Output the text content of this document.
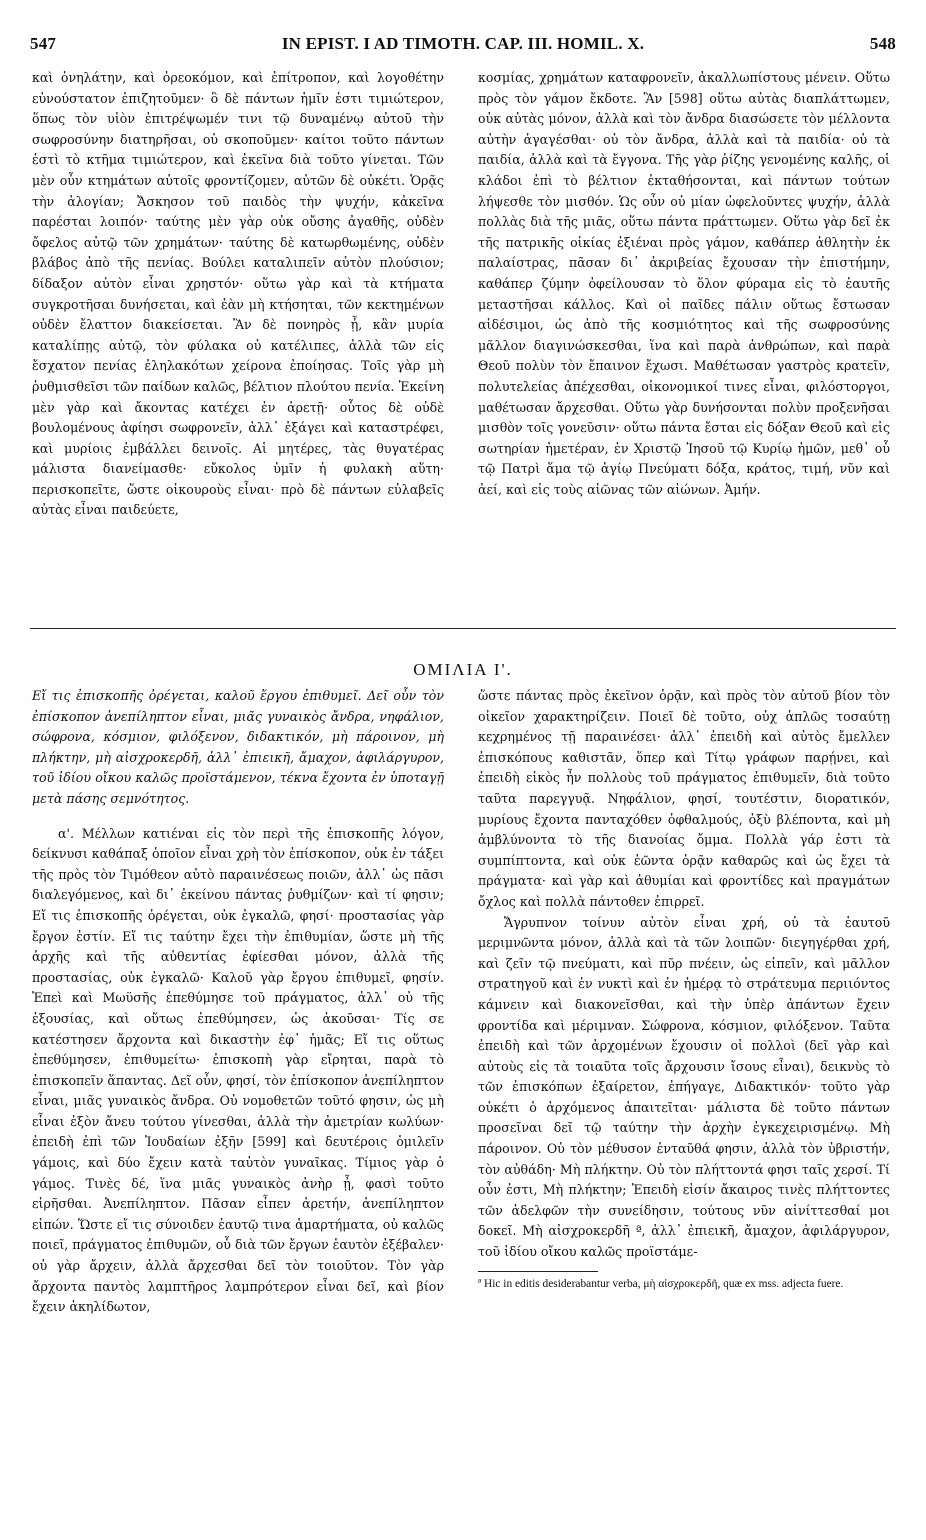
547	IN EPIST. I AD TIMOTH. CAP. III. HOMIL. X.	548

καὶ ὀνηλάτην, καὶ ὀρεοκόμον, καὶ ἐπίτροπον, καὶ λογοθέτην εὐνούστατον ἐπιζητοῦμεν· ὃ δὲ πάντων ἡμῖν ἐστι τιμιώτερον, ὅπως τὸν υἱὸν ἐπιτρέψωμέν τινι τῷ δυναμένῳ αὐτοῦ τὴν σωφροσύνην διατηρῆσαι, οὐ σκοποῦμεν· καίτοι τοῦτο πάντων ἐστὶ τὸ κτῆμα τιμιώτερον, καὶ ἐκεῖνα διὰ τοῦτο γίνεται. Τῶν μὲν οὖν κτημάτων αὐτοῖς φροντίζομεν, αὐτῶν δὲ οὐκέτι. Ὁρᾷς τὴν ἀλογίαν; Ἄσκησον τοῦ παιδὸς τὴν ψυχήν, κἀκεῖνα παρέσται λοιπόν· ταύτης μὲν γὰρ οὐκ οὔσης ἀγαθῆς, οὐδὲν ὄφελος αὐτῷ τῶν χρημάτων· ταύτης δὲ κατωρθωμένης, οὐδὲν βλάβος ἀπὸ τῆς πενίας. Βούλει καταλιπεῖν αὐτὸν πλούσιον; δίδαξον αὐτὸν εἶναι χρηστόν· οὕτω γὰρ καὶ τὰ κτήματα συγκροτῆσαι δυνήσεται, καὶ ἐὰν μὴ κτήσηται, τῶν κεκτημένων οὐδὲν ἔλαττον διακείσεται. Ἂν δὲ πονηρὸς ᾖ, κἂν μυρία καταλίπῃς αὐτῷ, τὸν φύλακα οὐ κατέλιπες, ἀλλὰ τῶν εἰς ἔσχατον πενίας ἐληλακότων χείρονα ἐποίησας. Τοῖς γὰρ μὴ ῥυθμισθεῖσι τῶν παίδων καλῶς, βέλτιον πλούτου πενία. Ἐκείνη μὲν γὰρ καὶ ἄκοντας κατέχει ἐν ἀρετῇ· οὗτος δὲ οὐδὲ βουλομένους ἀφίησι σωφρονεῖν, ἀλλ᾽ ἐξάγει καὶ καταστρέφει, καὶ μυρίοις ἐμβάλλει δεινοῖς. Αἱ μητέρες, τὰς θυγατέρας μάλιστα διανείμασθε· εὔκολος ὑμῖν ἡ φυλακὴ αὕτη· περισκοπεῖτε, ὥστε οἰκουροὺς εἶναι· πρὸ δὲ πάντων εὐλαβεῖς αὐτὰς εἶναι παιδεύετε,

κοσμίας, χρημάτων καταφρονεῖν, ἀκαλλωπίστους μένειν. Οὕτω πρὸς τὸν γάμον ἔκδοτε. Ἂν [598] οὕτω αὐτὰς διαπλάττωμεν, οὐκ αὐτὰς μόνον, ἀλλὰ καὶ τὸν ἄνδρα διασώσετε τὸν μέλλοντα αὐτὴν ἀγαγέσθαι· οὐ τὸν ἄνδρα, ἀλλὰ καὶ τὰ παιδία· οὐ τὰ παιδία, ἀλλὰ καὶ τὰ ἔγγονα. Τῆς γὰρ ῥίζης γενομένης καλῆς, οἱ κλάδοι ἐπὶ τὸ βέλτιον ἐκταθήσονται, καὶ πάντων τούτων λήψεσθε τὸν μισθόν. Ὡς οὖν οὐ μίαν ὠφελοῦντες ψυχήν, ἀλλὰ πολλὰς διὰ τῆς μιᾶς, οὕτω πάντα πράττωμεν. Οὕτω γὰρ δεῖ ἐκ τῆς πατρικῆς οἰκίας ἐξιέναι πρὸς γάμον, καθάπερ ἀθλητὴν ἐκ παλαίστρας, πᾶσαν δι᾽ ἀκριβείας ἔχουσαν τὴν ἐπιστήμην, καθάπερ ζύμην ὀφείλουσαν τὸ ὅλον φύραμα εἰς τὸ ἑαυτῆς μεταστῆσαι κάλλος. Καὶ οἱ παῖδες πάλιν οὕτως ἔστωσαν αἰδέσιμοι, ὡς ἀπὸ τῆς κοσμιότητος καὶ τῆς σωφροσύνης μᾶλλον διαγινώσκεσθαι, ἵνα καὶ παρὰ ἀνθρώπων, καὶ παρὰ Θεοῦ πολὺν τὸν ἔπαινον ἔχωσι. Μαθέτωσαν γαστρὸς κρατεῖν, πολυτελείας ἀπέχεσθαι, οἰκονομικοί τινες εἶναι, φιλόστοργοι, μαθέτωσαν ἄρχεσθαι. Οὕτω γὰρ δυνήσονται πολὺν προξενῆσαι μισθὸν τοῖς γονεῦσιν· οὕτω πάντα ἔσται εἰς δόξαν Θεοῦ καὶ εἰς σωτηρίαν ἡμετέραν, ἐν Χριστῷ Ἰησοῦ τῷ Κυρίῳ ἡμῶν, μεθ᾽ οὗ τῷ Πατρὶ ἅμα τῷ ἁγίῳ Πνεύματι δόξα, κράτος, τιμή, νῦν καὶ ἀεί, καὶ εἰς τοὺς αἰῶνας τῶν αἰώνων. Ἀμήν.

ΟΜΙΛΙΑ Ι'.

Εἴ τις ἐπισκοπῆς ὀρέγεται, καλοῦ ἔργου ἐπιθυμεῖ. Δεῖ οὖν τὸν ἐπίσκοπον ἀνεπίληπτον εἶναι, μιᾶς γυναικὸς ἄνδρα, νηφάλιον, σώφρονα, κόσμιον, φιλόξενον, διδακτικόν, μὴ πάροινον, μὴ πλήκτην, μὴ αἰσχροκερδῆ, ἀλλ᾽ ἐπιεικῆ, ἄμαχον, ἀφιλάργυρον, τοῦ ἰδίου οἴκου καλῶς προϊστάμενον, τέκνα ἔχοντα ἐν ὑποταγῇ μετὰ πάσης σεμνότητος.

α'. Μέλλων κατιέναι εἰς τὸν περὶ τῆς ἐπισκοπῆς λόγον, δείκνυσι καθάπαξ ὁποῖον εἶναι χρὴ τὸν ἐπίσκοπον, οὐκ ἐν τάξει τῆς πρὸς τὸν Τιμόθεον αὐτὸ παραινέσεως ποιῶν, ἀλλ᾽ ὡς πᾶσι διαλεγόμενος, καὶ δι᾽ ἐκείνου πάντας ῥυθμίζων· καὶ τί φησιν; Εἴ τις ἐπισκοπῆς ὀρέγεται, οὐκ ἐγκαλῶ, φησί· προστασίας γὰρ ἔργον ἐστίν. Εἴ τις ταύτην ἔχει τὴν ἐπιθυμίαν, ὥστε μὴ τῆς ἀρχῆς καὶ τῆς αὐθεντίας ἐφίεσθαι μόνον, ἀλλὰ τῆς προστασίας, οὐκ ἐγκαλῶ· Καλοῦ γὰρ ἔργου ἐπιθυμεῖ, φησίν. Ἐπεὶ καὶ Μωϋσῆς ἐπεθύμησε τοῦ πράγματος, ἀλλ᾽ οὐ τῆς ἐξουσίας, καὶ οὕτως ἐπεθύμησεν, ὡς ἀκοῦσαι· Τίς σε κατέστησεν ἄρχοντα καὶ δικαστὴν ἐφ᾽ ἡμᾶς; Εἴ τις οὕτως ἐπεθύμησεν, ἐπιθυμείτω· ἐπισκοπὴ γὰρ εἴρηται, παρὰ τὸ ἐπισκοπεῖν ἅπαντας. Δεῖ οὖν, φησί, τὸν ἐπίσκοπον ἀνεπίληπτον εἶναι, μιᾶς γυναικὸς ἄνδρα. Οὐ νομοθετῶν τοῦτό φησιν, ὡς μὴ εἶναι ἐξὸν ἄνευ τούτου γίνεσθαι, ἀλλὰ τὴν ἀμετρίαν κωλύων· ἐπειδὴ ἐπὶ τῶν Ἰουδαίων ἐξῆν [599] καὶ δευτέροις ὁμιλεῖν γάμοις, καὶ δύο ἔχειν κατὰ ταὐτὸν γυναῖκας. Τίμιος γὰρ ὁ γάμος. Τινὲς δέ, ἵνα μιᾶς γυναικὸς ἀνὴρ ᾖ, φασὶ τοῦτο εἰρῆσθαι. Ἀνεπίληπτον. Πᾶσαν εἶπεν ἀρετήν, ἀνεπίληπτον εἰπών. Ὥστε εἴ τις σύνοιδεν ἑαυτῷ τινα ἁμαρτήματα, οὐ καλῶς ποιεῖ, πράγματος ἐπιθυμῶν, οὗ διὰ τῶν ἔργων ἑαυτὸν ἐξέβαλεν· οὐ γὰρ ἄρχειν, ἀλλὰ ἄρχεσθαι δεῖ τὸν τοιοῦτον. Τὸν γὰρ ἄρχοντα παντὸς λαμπτῆρος λαμπρότερον εἶναι δεῖ, καὶ βίον ἔχειν ἀκηλίδωτον,

ὥστε πάντας πρὸς ἐκεῖνον ὁρᾷν, καὶ πρὸς τὸν αὐτοῦ βίον τὸν οἰκεῖον χαρακτηρίζειν. Ποιεῖ δὲ τοῦτο, οὐχ ἁπλῶς τοσαύτῃ κεχρημένος τῇ παραινέσει· ἀλλ᾽ ἐπειδὴ καὶ αὐτὸς ἔμελλεν ἐπισκόπους καθιστᾶν, ὅπερ καὶ Τίτῳ γράφων παρῄνει, καὶ ἐπειδὴ εἰκὸς ἦν πολλοὺς τοῦ πράγματος ἐπιθυμεῖν, διὰ τοῦτο ταῦτα παρεγγυᾷ. Νηφάλιον, φησί, τουτέστιν, διορατικόν, μυρίους ἔχοντα πανταχόθεν ὀφθαλμούς, ὀξὺ βλέποντα, καὶ μὴ ἀμβλύνοντα τὸ τῆς διανοίας ὄμμα. Πολλὰ γάρ ἐστι τὰ συμπίπτοντα, καὶ οὐκ ἐῶντα ὁρᾷν καθαρῶς καὶ ὡς ἔχει τὰ πράγματα· καὶ γὰρ καὶ ἀθυμίαι καὶ φροντίδες καὶ πραγμάτων ὄχλος καὶ πολλὰ πάντοθεν ἐπιρρεῖ.

Ἄγρυπνον τοίνυν αὐτὸν εἶναι χρή, οὐ τὰ ἑαυτοῦ μεριμνῶντα μόνον, ἀλλὰ καὶ τὰ τῶν λοιπῶν· διεγηγέρθαι χρή, καὶ ζεῖν τῷ πνεύματι, καὶ πῦρ πνέειν, ὡς εἰπεῖν, καὶ μᾶλλον στρατηγοῦ καὶ ἐν νυκτὶ καὶ ἐν ἡμέρᾳ τὸ στράτευμα περιιόντος κάμνειν καὶ διακονεῖσθαι, καὶ τὴν ὑπὲρ ἁπάντων ἔχειν φροντίδα καὶ μέριμναν. Σώφρονα, κόσμιον, φιλόξενον. Ταῦτα ἐπειδὴ καὶ τῶν ἀρχομένων ἔχουσιν οἱ πολλοὶ (δεῖ γὰρ καὶ αὐτοὺς εἰς τὰ τοιαῦτα τοῖς ἄρχουσιν ἴσους εἶναι), δεικνὺς τὸ τῶν ἐπισκόπων ἐξαίρετον, ἐπήγαγε, Διδακτικόν· τοῦτο γὰρ οὐκέτι ὁ ἀρχόμενος ἀπαιτεῖται· μάλιστα δὲ τοῦτο πάντων προσεῖναι δεῖ τῷ ταύτην τὴν ἀρχὴν ἐγκεχειρισμένῳ. Μὴ πάροινον. Οὐ τὸν μέθυσον ἐνταῦθά φησιν, ἀλλὰ τὸν ὑβριστήν, τὸν αὐθάδη· Μὴ πλήκτην. Οὐ τὸν πλήττοντά φησι ταῖς χερσί. Τί οὖν ἐστι, Μὴ πλήκτην; Ἐπειδὴ εἰσίν ἄκαιρος τινὲς πλήττοντες τῶν ἀδελφῶν τὴν συνείδησιν, τούτους νῦν αἰνίττεσθαί μοι δοκεῖ. Μὴ αἰσχροκερδῆ ª, ἀλλ᾽ ἐπιεικῆ, ἄμαχον, ἀφιλάργυρον, τοῦ ἰδίου οἴκου καλῶς προϊστάμε-

ª Hic in editis desiderabantur verba, μὴ αἰσχροκερδῆ, quæ ex mss. adjecta fuere.
